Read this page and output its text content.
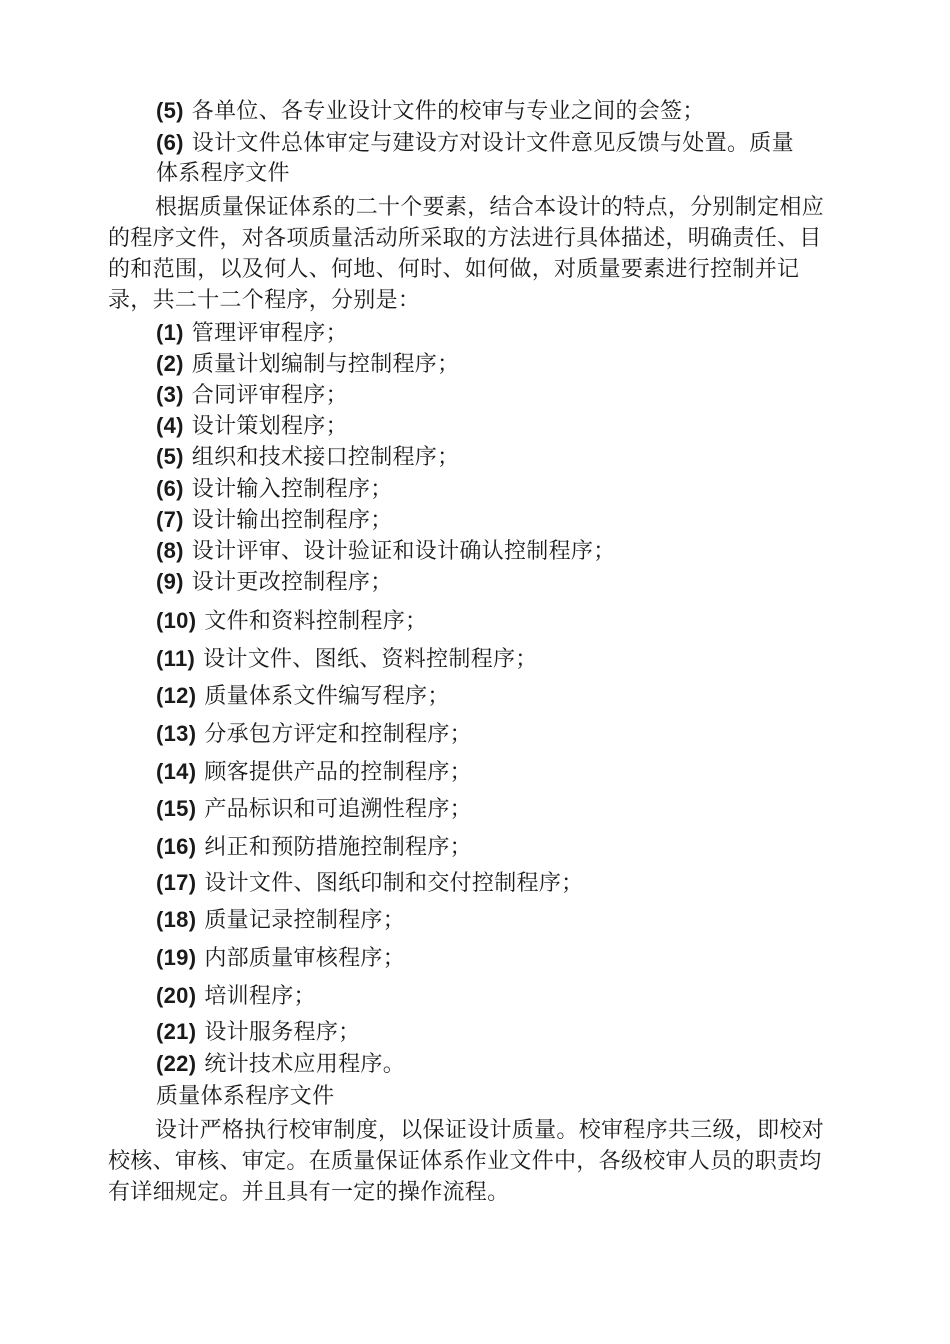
(5) 各单位、各专业设计文件的校审与专业之间的会签；
(6) 设计文件总体审定与建设方对设计文件意见反馈与处置。质量
体系程序文件
根据质量保证体系的二十个要素，结合本设计的特点，分别制定相应的程序文件，对各项质量活动所采取的方法进行具体描述，明确责任、目的和范围，以及何人、何地、何时、如何做，对质量要素进行控制并记录，共二十二个程序，分别是：
(1) 管理评审程序；
(2) 质量计划编制与控制程序；
(3) 合同评审程序；
(4) 设计策划程序；
(5) 组织和技术接口控制程序；
(6) 设计输入控制程序；
(7) 设计输出控制程序；
(8) 设计评审、设计验证和设计确认控制程序；
(9) 设计更改控制程序；
(10) 文件和资料控制程序；
(11) 设计文件、图纸、资料控制程序；
(12) 质量体系文件编写程序；
(13) 分承包方评定和控制程序；
(14) 顾客提供产品的控制程序；
(15) 产品标识和可追溯性程序；
(16) 纠正和预防措施控制程序；
(17) 设计文件、图纸印制和交付控制程序；
(18) 质量记录控制程序；
(19) 内部质量审核程序；
(20) 培训程序；
(21) 设计服务程序；
(22) 统计技术应用程序。
质量体系程序文件
设计严格执行校审制度，以保证设计质量。校审程序共三级，即校对校核、审核、审定。在质量保证体系作业文件中，各级校审人员的职责均有详细规定。并且具有一定的操作流程。
